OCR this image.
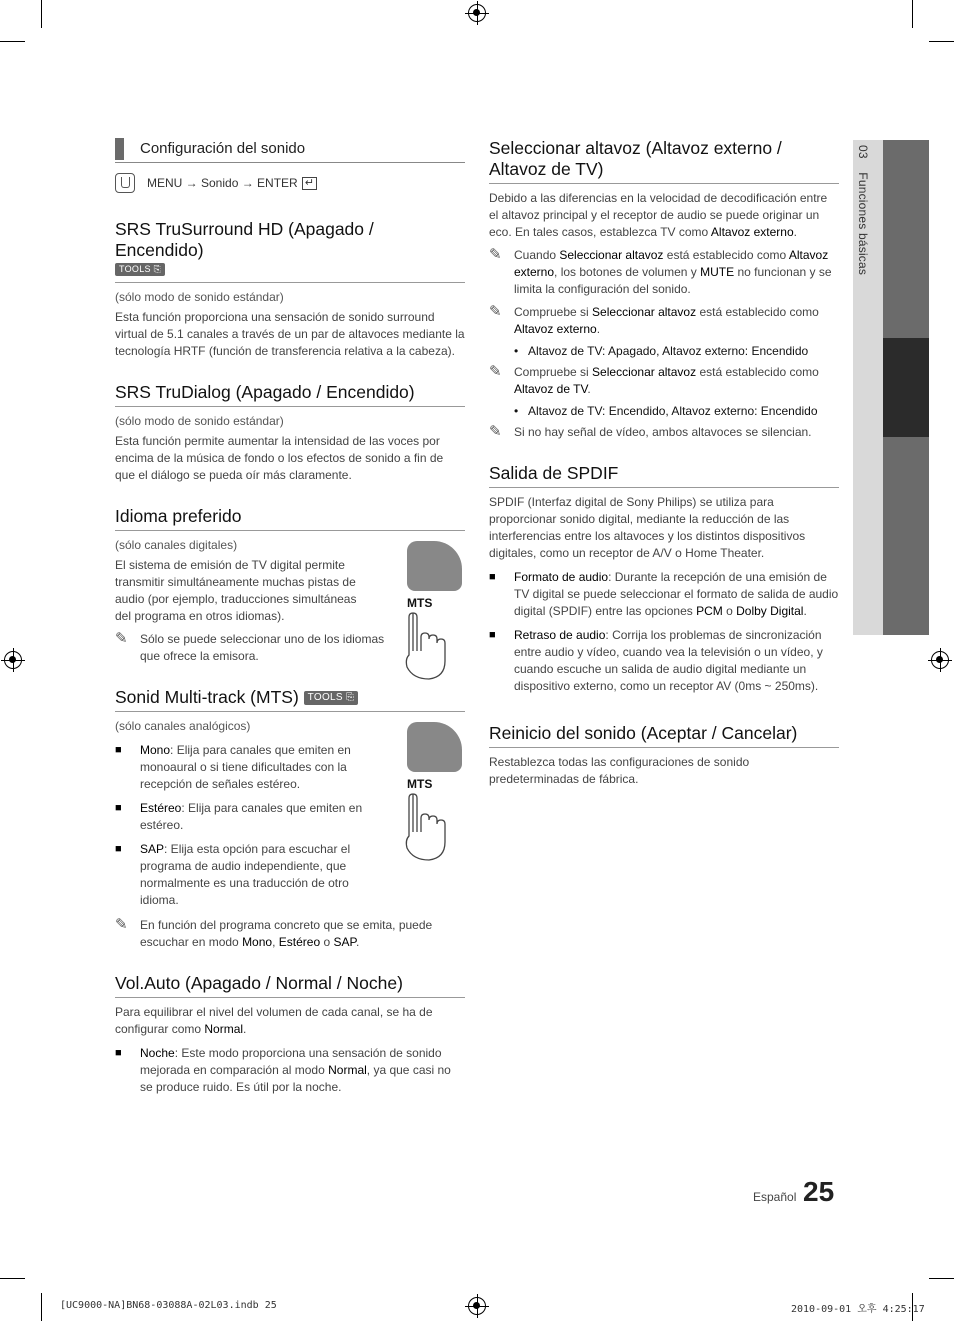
03 Funciones básicas
Configuración del sonido
MENU → Sonido → ENTER ↵
SRS TruSurround HD (Apagado / Encendido)
TOOLS ⎘

(sólo modo de sonido estándar)

Esta función proporciona una sensación de sonido surround virtual de 5.1 canales a través de un par de altavoces mediante la tecnología HRTF (función de transferencia relativa a la cabeza).

SRS TruDialog (Apagado / Encendido)

(sólo modo de sonido estándar)

Esta función permite aumentar la intensidad de las voces por encima de la música de fondo o los efectos de sonido a fin de que el diálogo se pueda oír más claramente.

Idioma preferido

(sólo canales digitales)

El sistema de emisión de TV digital permite transmitir simultáneamente muchas pistas de audio (por ejemplo, traducciones simultáneas del programa en otros idiomas).

✎	Sólo se puede seleccionar uno de los idiomas que ofrece la emisora.
MTS
Sonid Multi-track (MTS) TOOLS ⎘

(sólo canales analógicos)

■	Mono: Elija para canales que emiten en monoaural o si tiene dificultades con la recepción de señales estéreo.
■	Estéreo: Elija para canales que emiten en estéreo.
■	SAP: Elija esta opción para escuchar el programa de audio independiente, que normalmente es una traducción de otro idioma.
✎	En función del programa concreto que se emita, puede escuchar en modo Mono, Estéreo o SAP.
MTS
Vol.Auto (Apagado / Normal / Noche)

Para equilibrar el nivel del volumen de cada canal, se ha de configurar como Normal.

■	Noche: Este modo proporciona una sensación de sonido mejorada en comparación al modo Normal, ya que casi no se produce ruido. Es útil por la noche.
Seleccionar altavoz (Altavoz externo / Altavoz de TV)

Debido a las diferencias en la velocidad de decodificación entre el altavoz principal y el receptor de audio se puede originar un eco. En tales casos, establezca TV como Altavoz externo.

✎	Cuando Seleccionar altavoz está establecido como Altavoz externo, los botones de volumen y MUTE no funcionan y se limita la configuración del sonido.
✎	Compruebe si Seleccionar altavoz está establecido como Altavoz externo.
• Altavoz de TV: Apagado, Altavoz externo: Encendido
✎	Compruebe si Seleccionar altavoz está establecido como Altavoz de TV.
• Altavoz de TV: Encendido, Altavoz externo: Encendido
✎	Si no hay señal de vídeo, ambos altavoces se silencian.
Salida de SPDIF

SPDIF (Interfaz digital de Sony Philips) se utiliza para proporcionar sonido digital, mediante la reducción de las interferencias entre los altavoces y los distintos dispositivos digitales, como un receptor de A/V o Home Theater.

■	Formato de audio: Durante la recepción de una emisión de TV digital se puede seleccionar el formato de salida de audio digital (SPDIF) entre las opciones PCM o Dolby Digital.
■	Retraso de audio: Corrija los problemas de sincronización entre audio y vídeo, cuando vea la televisión o un vídeo, y cuando escuche un salida de audio digital mediante un dispositivo externo, como un receptor AV (0ms ~ 250ms).
Reinicio del sonido (Aceptar / Cancelar)

Restablezca todas las configuraciones de sonido predeterminadas de fábrica.

Español 25
[UC9000-NA]BN68-03088A-02L03.indb 25	2010-09-01 오후 4:25:17
